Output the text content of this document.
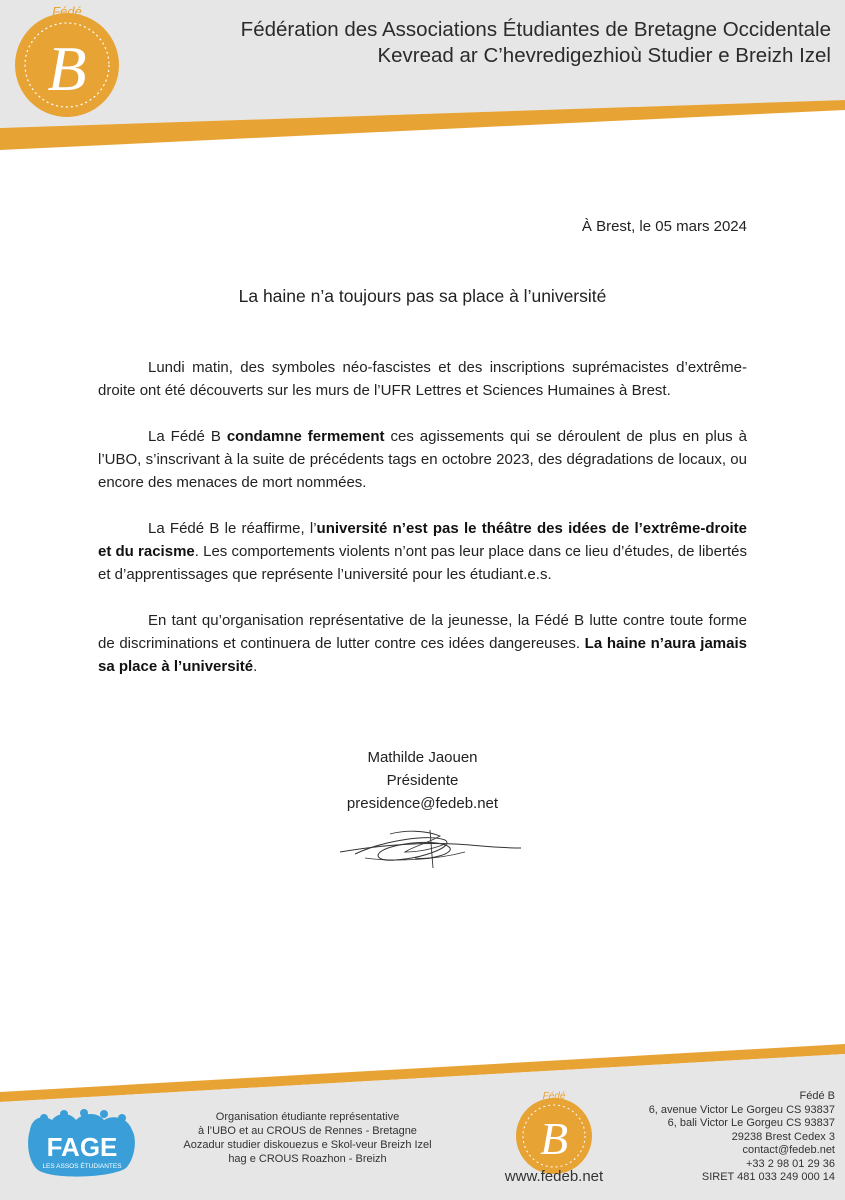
Fédé
B
Fédération des Associations Étudiantes de Bretagne Occidentale
Kevread ar C’hevredigezhioù Studier e Breizh Izel
À Brest, le 05 mars 2024
La haine n’a toujours pas sa place à l’université

Lundi matin, des symboles néo-fascistes et des inscriptions suprémacistes d’extrême-droite ont été découverts sur les murs de l’UFR Lettres et Sciences Humaines à Brest.

La Fédé B condamne fermement ces agissements qui se déroulent de plus en plus à l’UBO, s’inscrivant à la suite de précédents tags en octobre 2023, des dégradations de locaux, ou encore des menaces de mort nommées.

La Fédé B le réaffirme, l’université n’est pas le théâtre des idées de l’extrême-droite et du racisme. Les comportements violents n’ont pas leur place dans ce lieu d’études, de libertés et d’apprentissages que représente l’université pour les étudiant.e.s.

En tant qu’organisation représentative de la jeunesse, la Fédé B lutte contre toute forme de discriminations et continuera de lutter contre ces idées dangereuses. La haine n’aura jamais sa place à l’université.

Mathilde Jaouen
Présidente
presidence@fedeb.net
FAGE
LES ASSOS ÉTUDIANTES
Organisation étudiante représentative
à l’UBO et au CROUS de Rennes - Bretagne
Aozadur studier diskouezus e Skol-veur Breizh Izel
hag e CROUS Roazhon - Breizh
Fédé
B
www.fedeb.net
Fédé B
6, avenue Victor Le Gorgeu CS 93837
6, bali Victor Le Gorgeu CS 93837
29238 Brest Cedex 3
contact@fedeb.net
+33 2 98 01 29 36
SIRET 481 033 249 000 14
